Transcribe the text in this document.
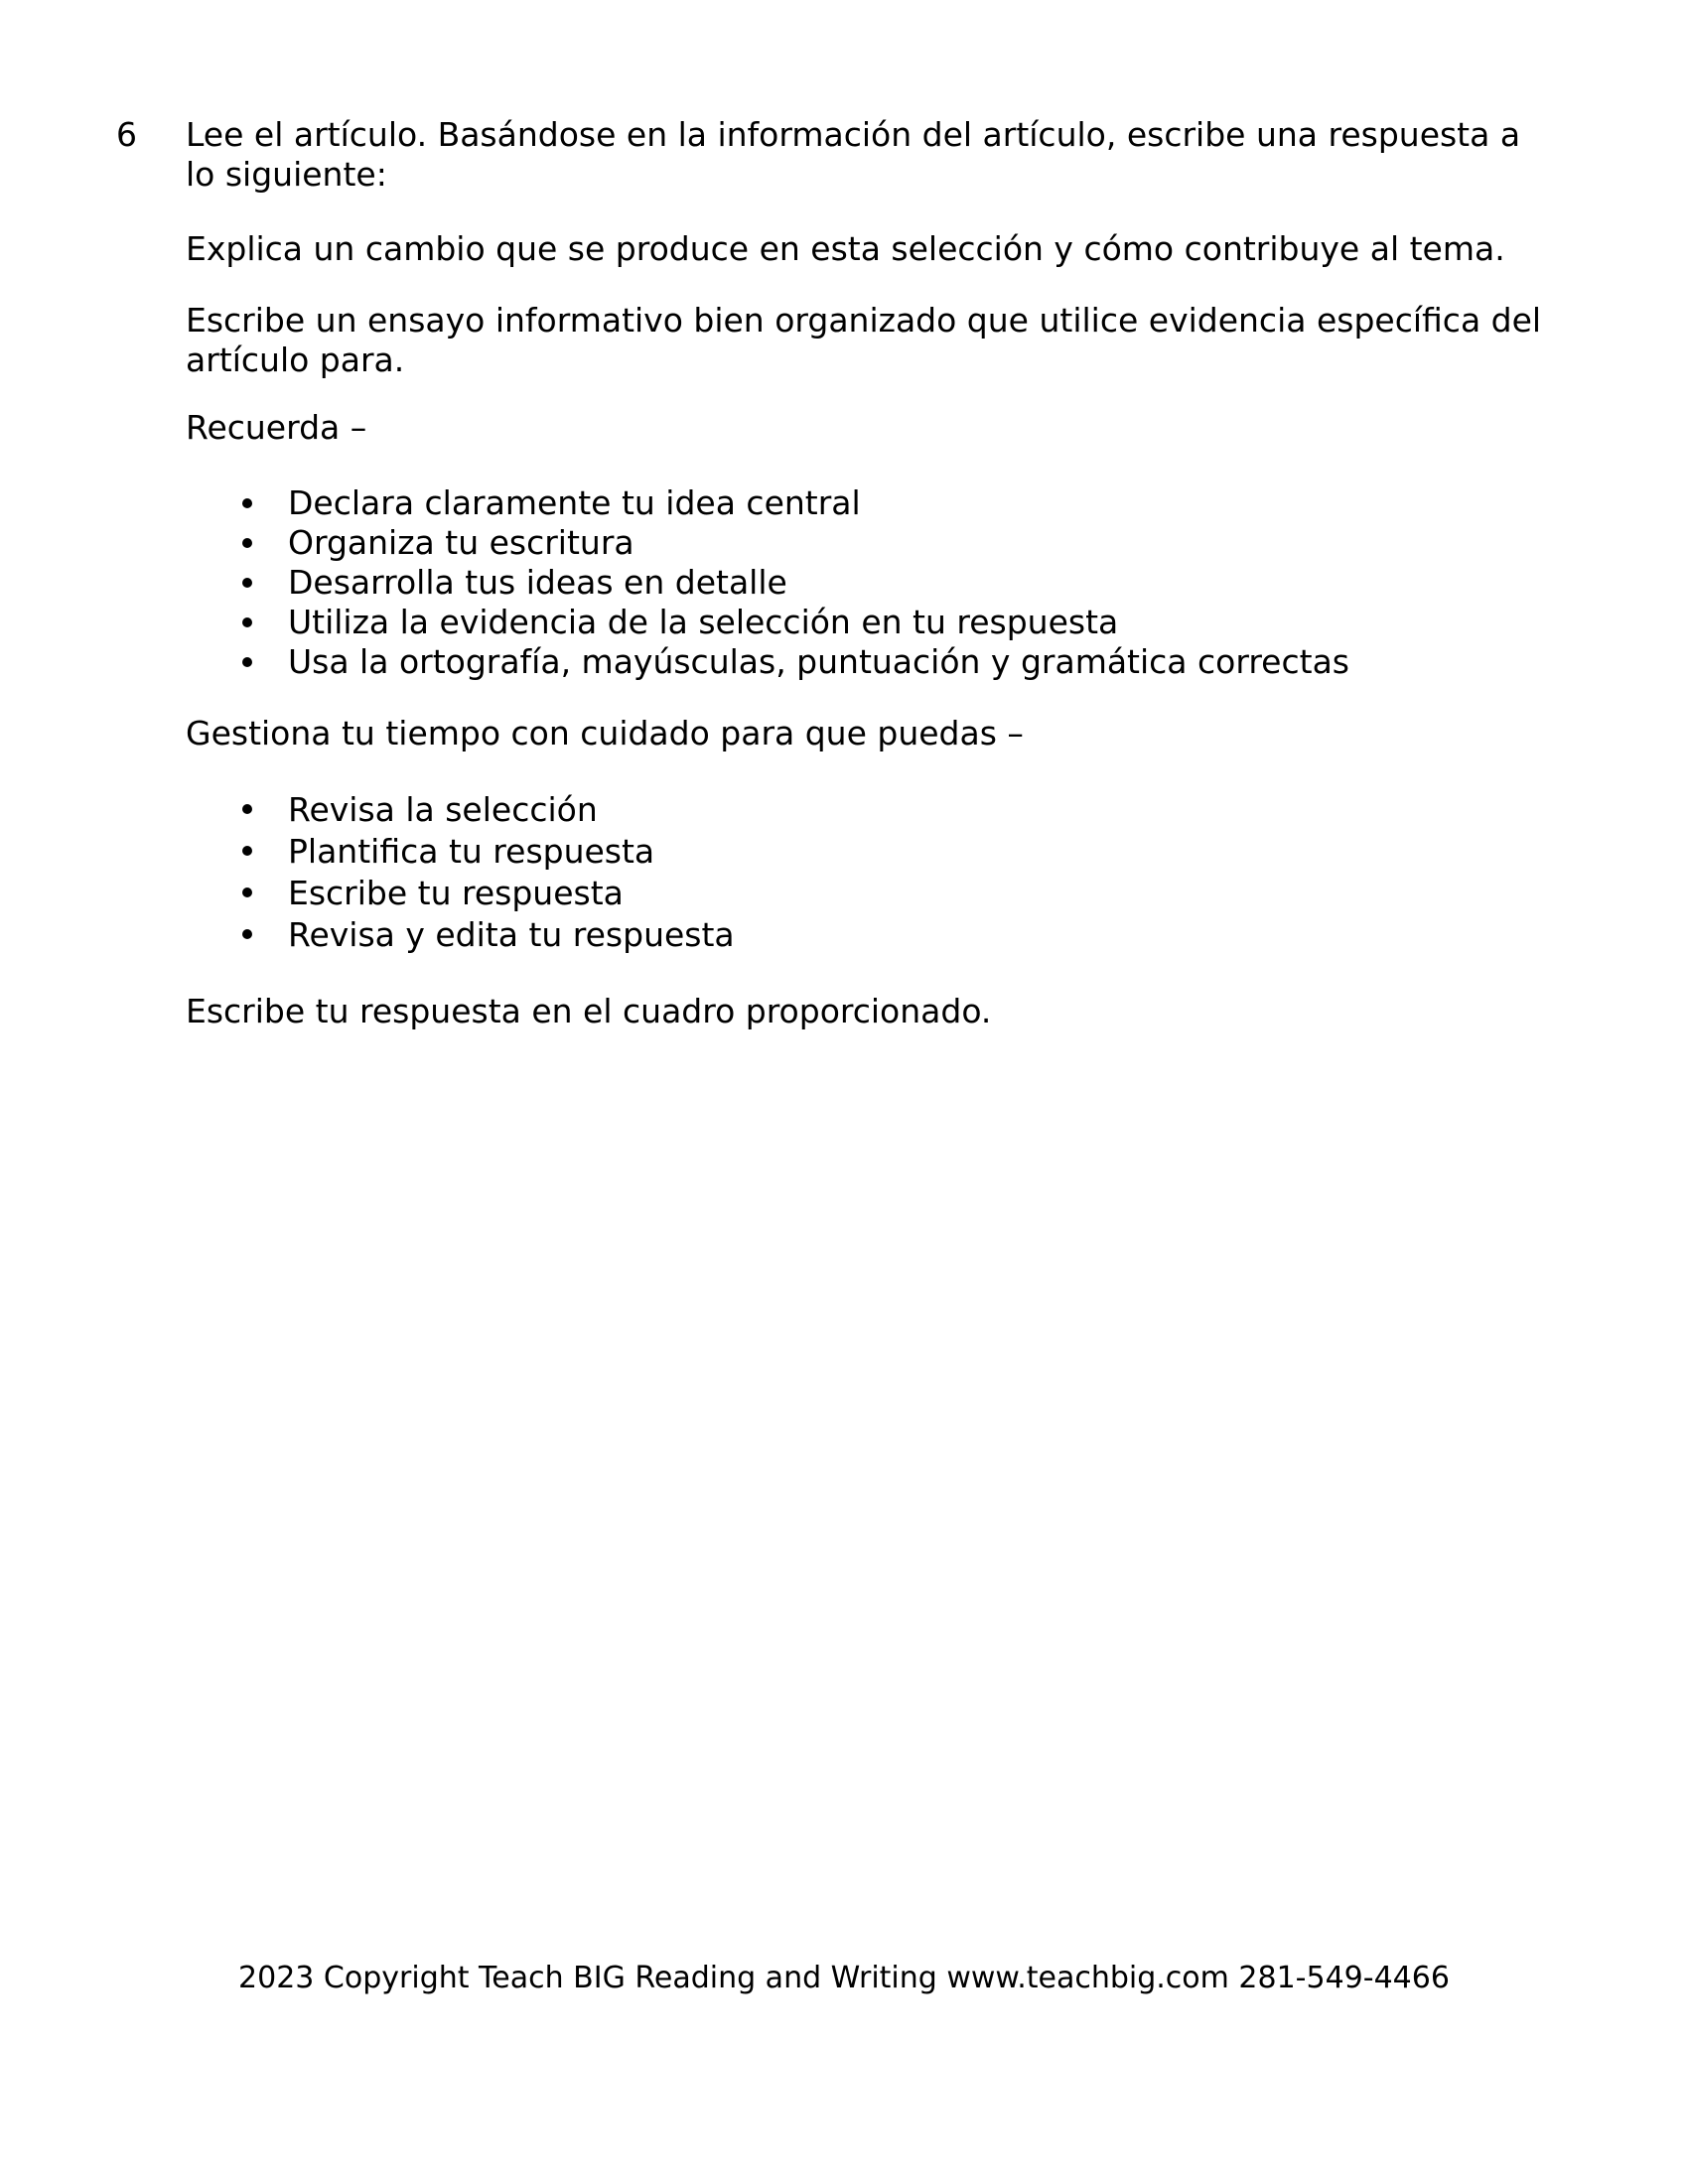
6 Lee el artículo. Basándose en la información del artículo, escribe una respuesta a
lo siguiente:

Explica un cambio que se produce en esta selección y cómo contribuye al tema.

Escribe un ensayo informativo bien organizado que utilice evidencia específica del
artículo para.

Recuerda –

Declara claramente tu idea central
Organiza tu escritura
Desarrolla tus ideas en detalle
Utiliza la evidencia de la selección en tu respuesta
Usa la ortografía, mayúsculas, puntuación y gramática correctas

Gestiona tu tiempo con cuidado para que puedas –

Revisa la selección
Plantifica tu respuesta
Escribe tu respuesta
Revisa y edita tu respuesta

Escribe tu respuesta en el cuadro proporcionado.

2023 Copyright Teach BIG Reading and Writing www.teachbig.com 281-549-4466
